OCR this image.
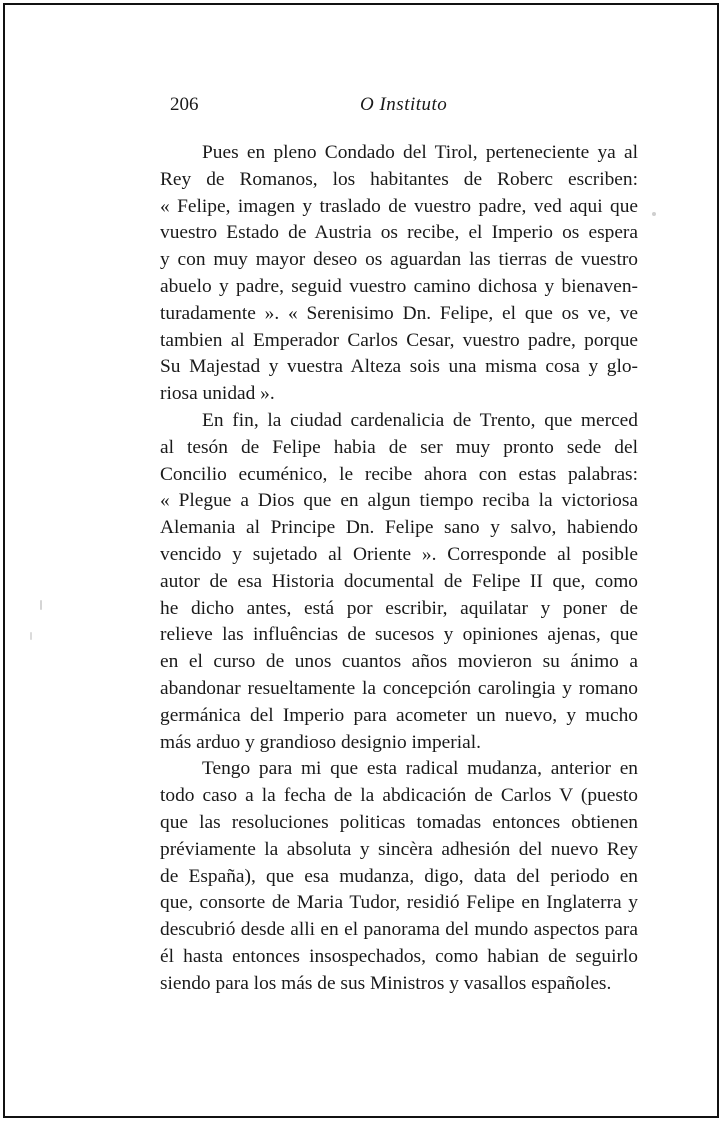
206	O Instituto

Pues en pleno Condado del Tirol, perteneciente ya al
Rey de Romanos, los habitantes de Roberc escriben:
« Felipe, imagen y traslado de vuestro padre, ved aqui que
vuestro Estado de Austria os recibe, el Imperio os espera
y con muy mayor deseo os aguardan las tierras de vuestro
abuelo y padre, seguid vuestro camino dichosa y bienaven-
turadamente ». « Serenisimo Dn. Felipe, el que os ve, ve
tambien al Emperador Carlos Cesar, vuestro padre, porque
Su Majestad y vuestra Alteza sois una misma cosa y glo-
riosa unidad ».

En fin, la ciudad cardenalicia de Trento, que merced
al tesón de Felipe habia de ser muy pronto sede del
Concilio ecuménico, le recibe ahora con estas palabras:
« Plegue a Dios que en algun tiempo reciba la victoriosa
Alemania al Principe Dn. Felipe sano y salvo, habiendo
vencido y sujetado al Oriente ». Corresponde al posible
autor de esa Historia documental de Felipe II que, como
he dicho antes, está por escribir, aquilatar y poner de
relieve las influências de sucesos y opiniones ajenas, que
en el curso de unos cuantos años movieron su ánimo a
abandonar resueltamente la concepción carolingia y romano
germánica del Imperio para acometer un nuevo, y mucho
más arduo y grandioso designio imperial.

Tengo para mi que esta radical mudanza, anterior en
todo caso a la fecha de la abdicación de Carlos V (puesto
que las resoluciones politicas tomadas entonces obtienen
préviamente la absoluta y sincèra adhesión del nuevo Rey
de España), que esa mudanza, digo, data del periodo en
que, consorte de Maria Tudor, residió Felipe en Inglaterra y
descubrió desde alli en el panorama del mundo aspectos para
él hasta entonces insospechados, como habian de seguirlo
siendo para los más de sus Ministros y vasallos españoles.
